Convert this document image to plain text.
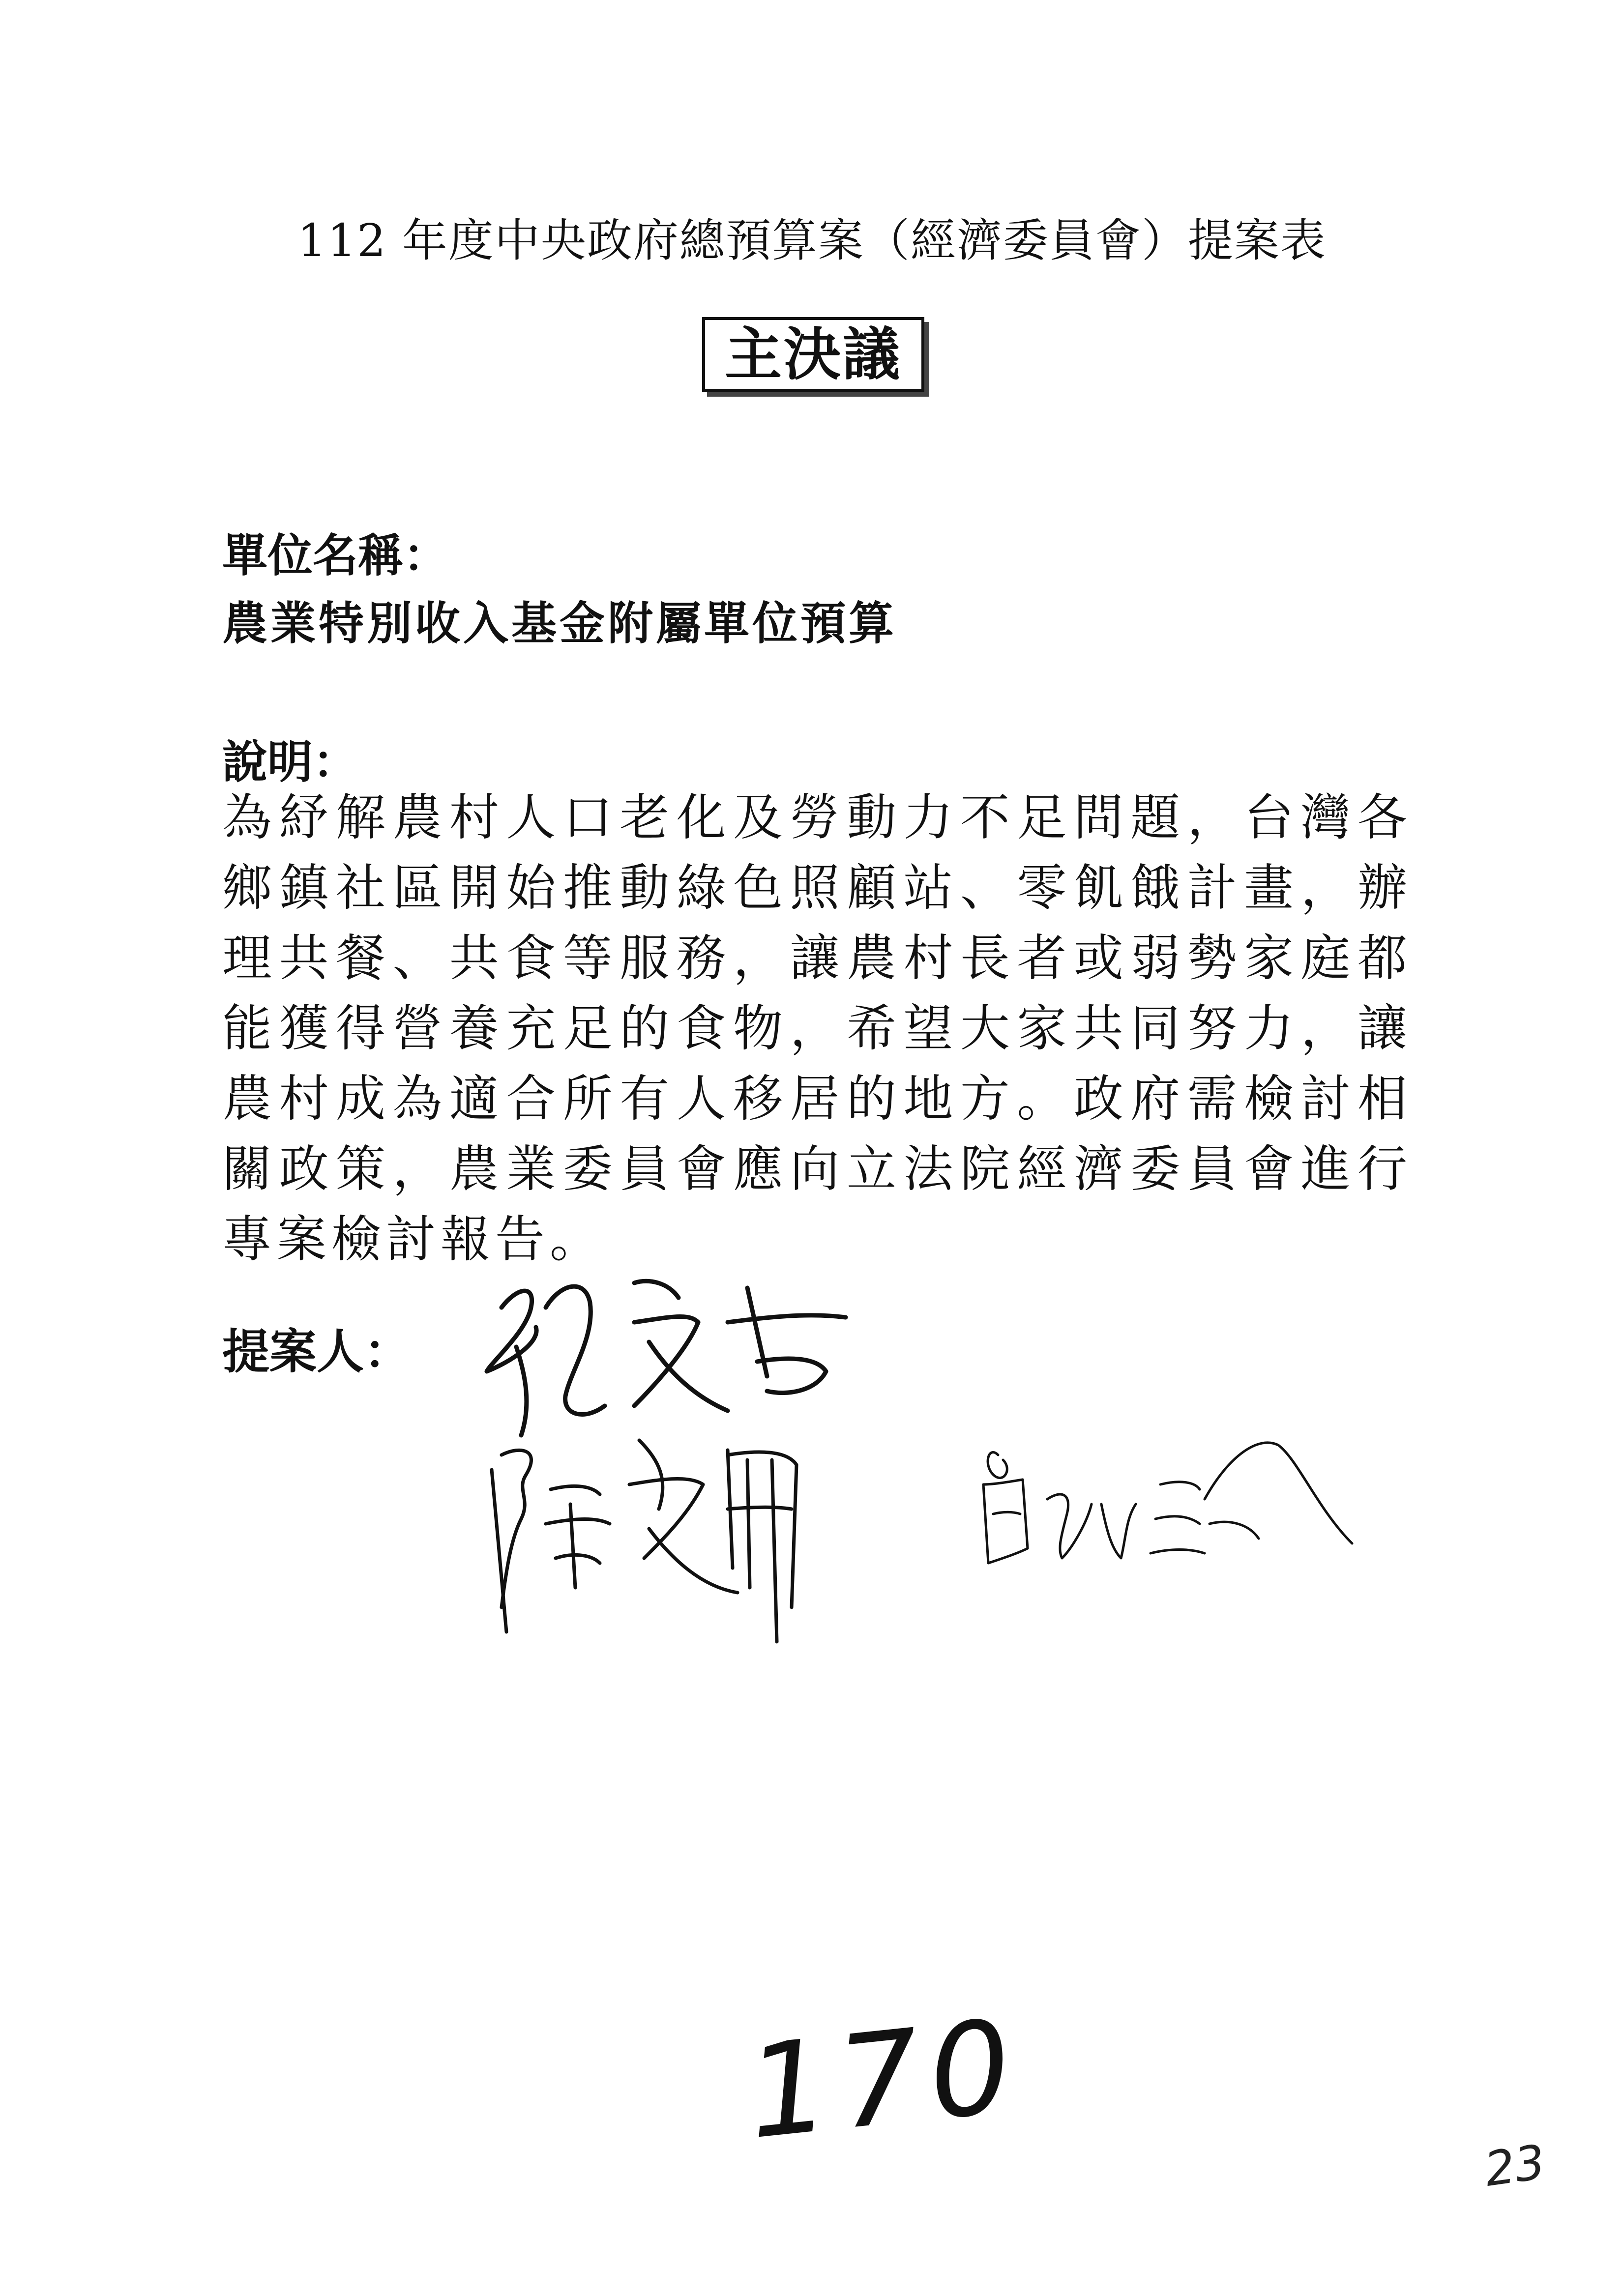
112 年度中央政府總預算案（經濟委員會）提案表
主決議
單位名稱：
農業特別收入基金附屬單位預算
說明：
為紓解農村人口老化及勞動力不足問題，台灣各鄉鎮社區開始推動綠色照顧站、零飢餓計畫，辦理共餐、共食等服務，讓農村長者或弱勢家庭都能獲得營養充足的食物，希望大家共同努力，讓農村成為適合所有人移居的地方。政府需檢討相關政策，農業委員會應向立法院經濟委員會進行專案檢討報告。
提案人：
170	23
